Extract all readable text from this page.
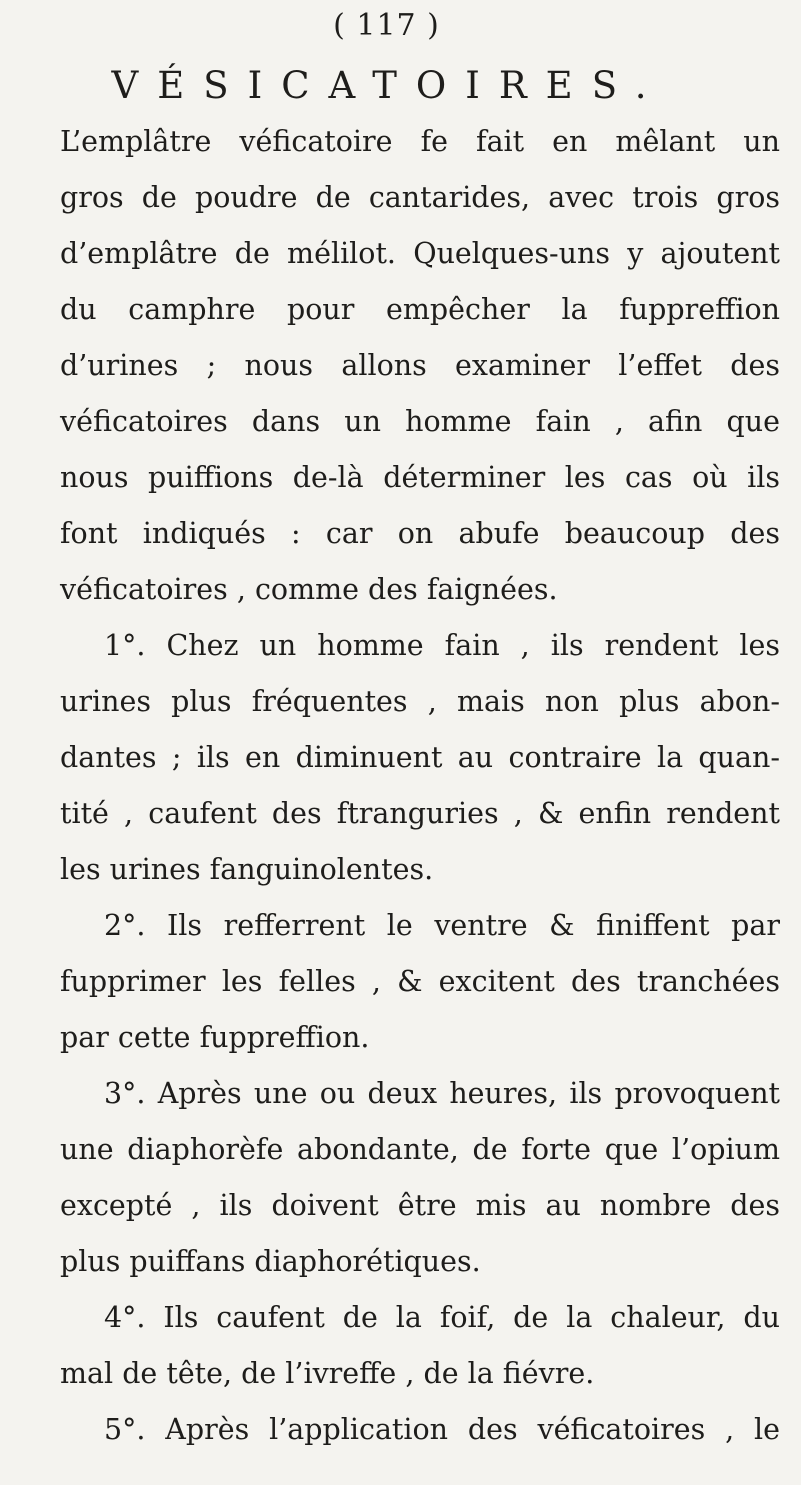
( 117 )
VÉSICATOIRES.
L’emplâtre véficatoire fe fait en mêlant un
gros de poudre de cantarides, avec trois gros
d’emplâtre de mélilot. Quelques-uns y ajoutent
du camphre pour empêcher la fuppreffion
d’urines ; nous allons examiner l’effet des
véficatoires dans un homme fain , afin que
nous puiffions de-là déterminer les cas où ils
font indiqués : car on abufe beaucoup des
véficatoires , comme des faignées.
1°. Chez un homme fain , ils rendent les
urines plus fréquentes , mais non plus abon-
dantes ; ils en diminuent au contraire la quan-
tité , caufent des ftranguries , & enfin rendent
les urines fanguinolentes.
2°. Ils refferrent le ventre & finiffent par
fupprimer les felles , & excitent des tranchées
par cette fuppreffion.
3°. Après une ou deux heures, ils provoquent
une diaphorèfe abondante, de forte que l’opium
excepté , ils doivent être mis au nombre des
plus puiffans diaphorétiques.
4°. Ils caufent de la foif, de la chaleur, du
mal de tête, de l’ivreffe , de la fiévre.
5°. Après l’application des véficatoires , le
